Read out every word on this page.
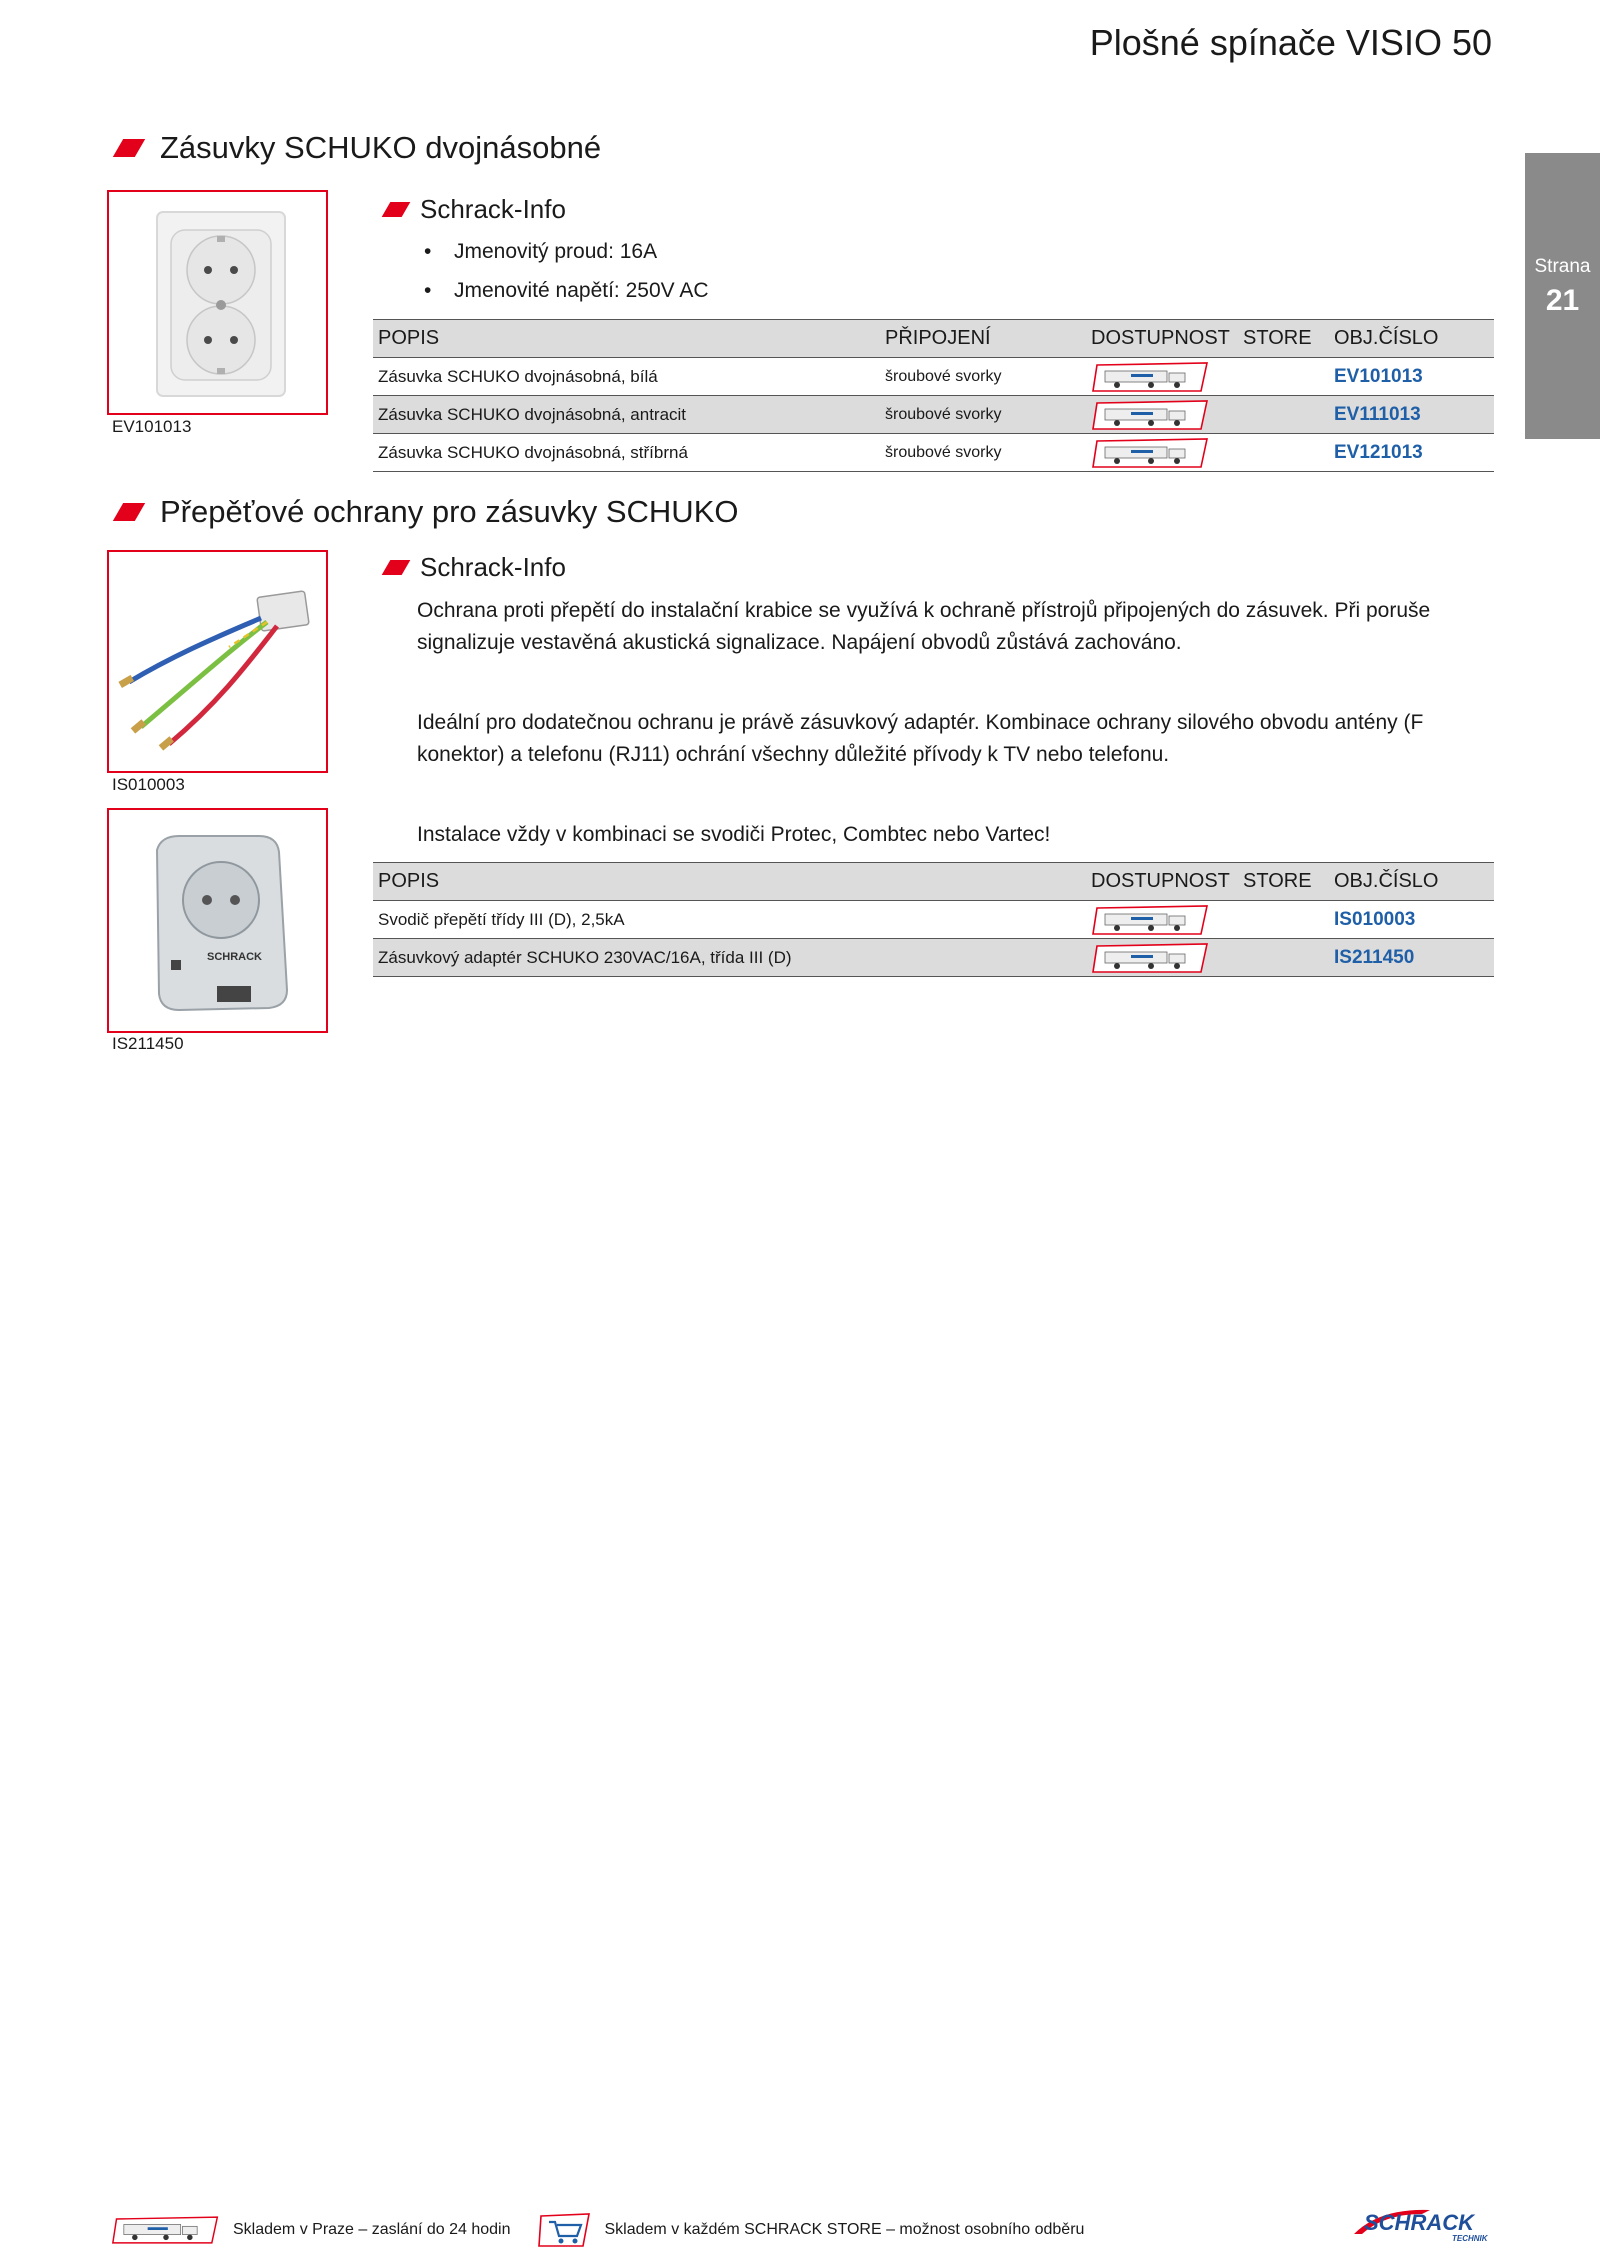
Plošné spínače VISIO 50
Strana
21
Zásuvky SCHUKO dvojnásobné
EV101013
Schrack-Info
• Jmenovitý proud: 16A
• Jmenovité napětí: 250V AC
POPIS	PŘIPOJENÍ	DOSTUPNOST	STORE	OBJ.ČÍSLO
Zásuvka SCHUKO dvojnásobná, bílá	šroubové svorky			EV101013
Zásuvka SCHUKO dvojnásobná, antracit	šroubové svorky			EV111013
Zásuvka SCHUKO dvojnásobná, stříbrná	šroubové svorky			EV121013
Přepěťové ochrany pro zásuvky SCHUKO
IS010003
SCHRACK
IS211450
Schrack-Info

Ochrana proti přepětí do instalační krabice se využívá k ochraně přístrojů připojených do zásuvek. Při poruše signalizuje vestavěná akustická signalizace. Napájení obvodů zůstává zachováno.

Ideální pro dodatečnou ochranu je právě zásuvkový adaptér. Kombinace ochrany silového obvodu antény (F konektor) a telefonu (RJ11) ochrání všechny důležité přívody k TV nebo telefonu.

Instalace vždy v kombinaci se svodiči Protec, Combtec nebo Vartec!

POPIS	DOSTUPNOST	STORE	OBJ.ČÍSLO
Svodič přepětí třídy III (D), 2,5kA			IS010003
Zásuvkový adaptér SCHUKO 230VAC/16A, třída III (D)			IS211450
Skladem v Praze – zaslání do 24 hodin	Skladem v každém SCHRACK STORE – možnost osobního odběru	SCHRACK
TECHNIK
